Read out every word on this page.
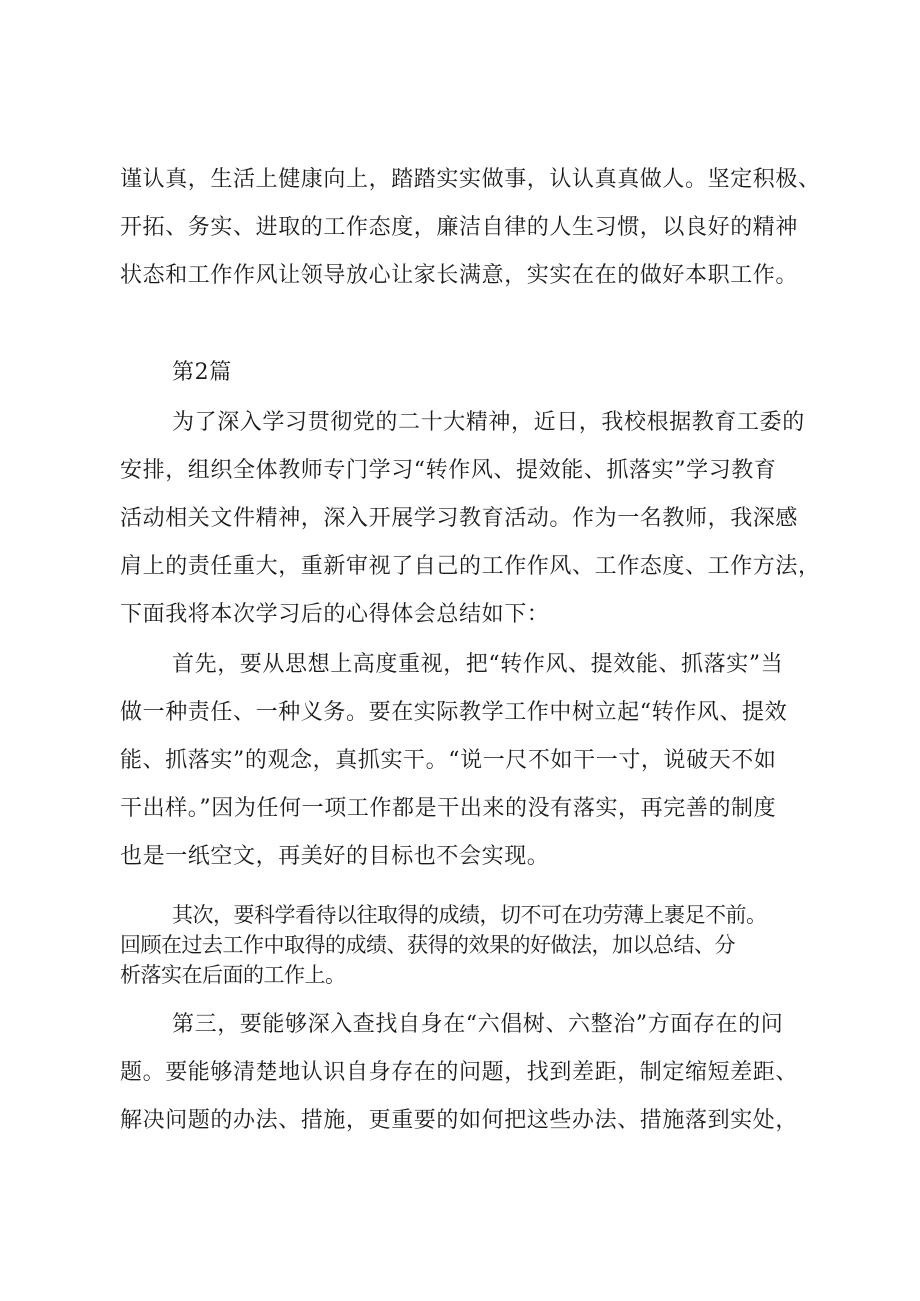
谨认真，生活上健康向上，踏踏实实做事，认认真真做人。坚定积极、
开拓、务实、进取的工作态度，廉洁自律的人生习惯，以良好的精神
状态和工作作风让领导放心让家长满意，实实在在的做好本职工作。
第2篇
为了深入学习贯彻党的二十大精神，近日，我校根据教育工委的
安排，组织全体教师专门学习“转作风、提效能、抓落实”学习教育
活动相关文件精神，深入开展学习教育活动。作为一名教师，我深感
肩上的责任重大，重新审视了自己的工作作风、工作态度、工作方法，
下面我将本次学习后的心得体会总结如下：
首先，要从思想上高度重视，把“转作风、提效能、抓落实”当
做一种责任、一种义务。要在实际教学工作中树立起“转作风、提效
能、抓落实”的观念，真抓实干。“说一尺不如干一寸，说破天不如
干出样。”因为任何一项工作都是干出来的没有落实，再完善的制度
也是一纸空文，再美好的目标也不会实现。
其次，要科学看待以往取得的成绩，切不可在功劳薄上裹足不前。
回顾在过去工作中取得的成绩、获得的效果的好做法，加以总结、分
析落实在后面的工作上。
第三，要能够深入查找自身在“六倡树、六整治”方面存在的问
题。要能够清楚地认识自身存在的问题，找到差距，制定缩短差距、
解决问题的办法、措施，更重要的如何把这些办法、措施落到实处，
